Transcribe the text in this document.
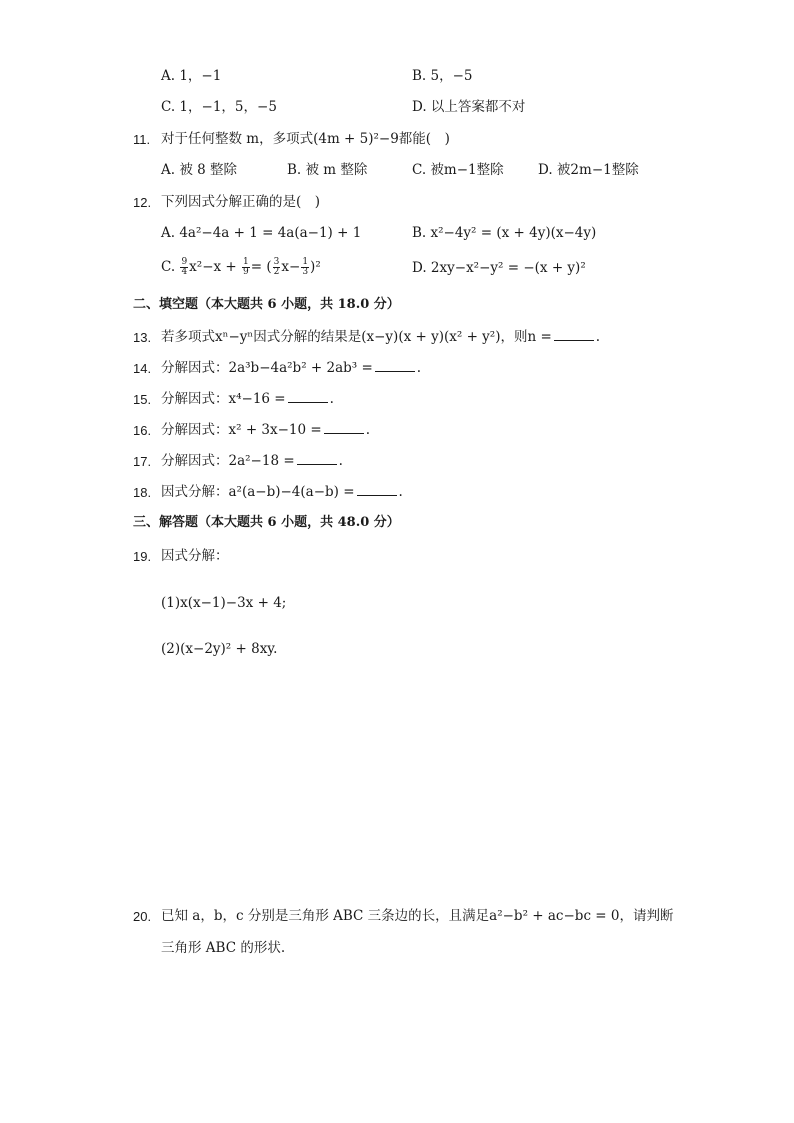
A. 1，−1	B. 5，−5
C. 1，−1，5，−5	D. 以上答案都不对
11. 对于任何整数 m，多项式(4m + 5)²−9都能(　)
A. 被 8 整除	B. 被 m 整除	C. 被m−1整除	D. 被2m−1整除
12. 下列因式分解正确的是(　)
A. 4a²−4a + 1 = 4a(a−1) + 1	B. x²−4y² = (x + 4y)(x−4y)
C. $\frac{9}{4} x^2-x + \frac{1}{9}$ = ( $\frac{3}{2} x- \frac{1}{3} )^2$	D. 2xy−x²−y² = −(x + y)²
二、填空题（本大题共 6 小题，共 18.0 分）
13. 若多项式xⁿ−yⁿ因式分解的结果是(x−y)(x + y)(x² + y²)，则n =	.
14. 分解因式：2a³b−4a²b² + 2ab³ =	.
15. 分解因式：x⁴−16 =	.
16. 分解因式：x² + 3x−10 =	.
17. 分解因式：2a²−18 =	.
18. 因式分解：a²(a−b)−4(a−b) =	.
三、解答题（本大题共 6 小题，共 48.0 分）
19. 因式分解：
(1)x(x−1)−3x + 4;
(2)(x−2y)² + 8xy.
20. 已知 a，b，c 分别是三角形 ABC 三条边的长，且满足a²−b² + ac−bc = 0，请判断
三角形 ABC 的形状.
